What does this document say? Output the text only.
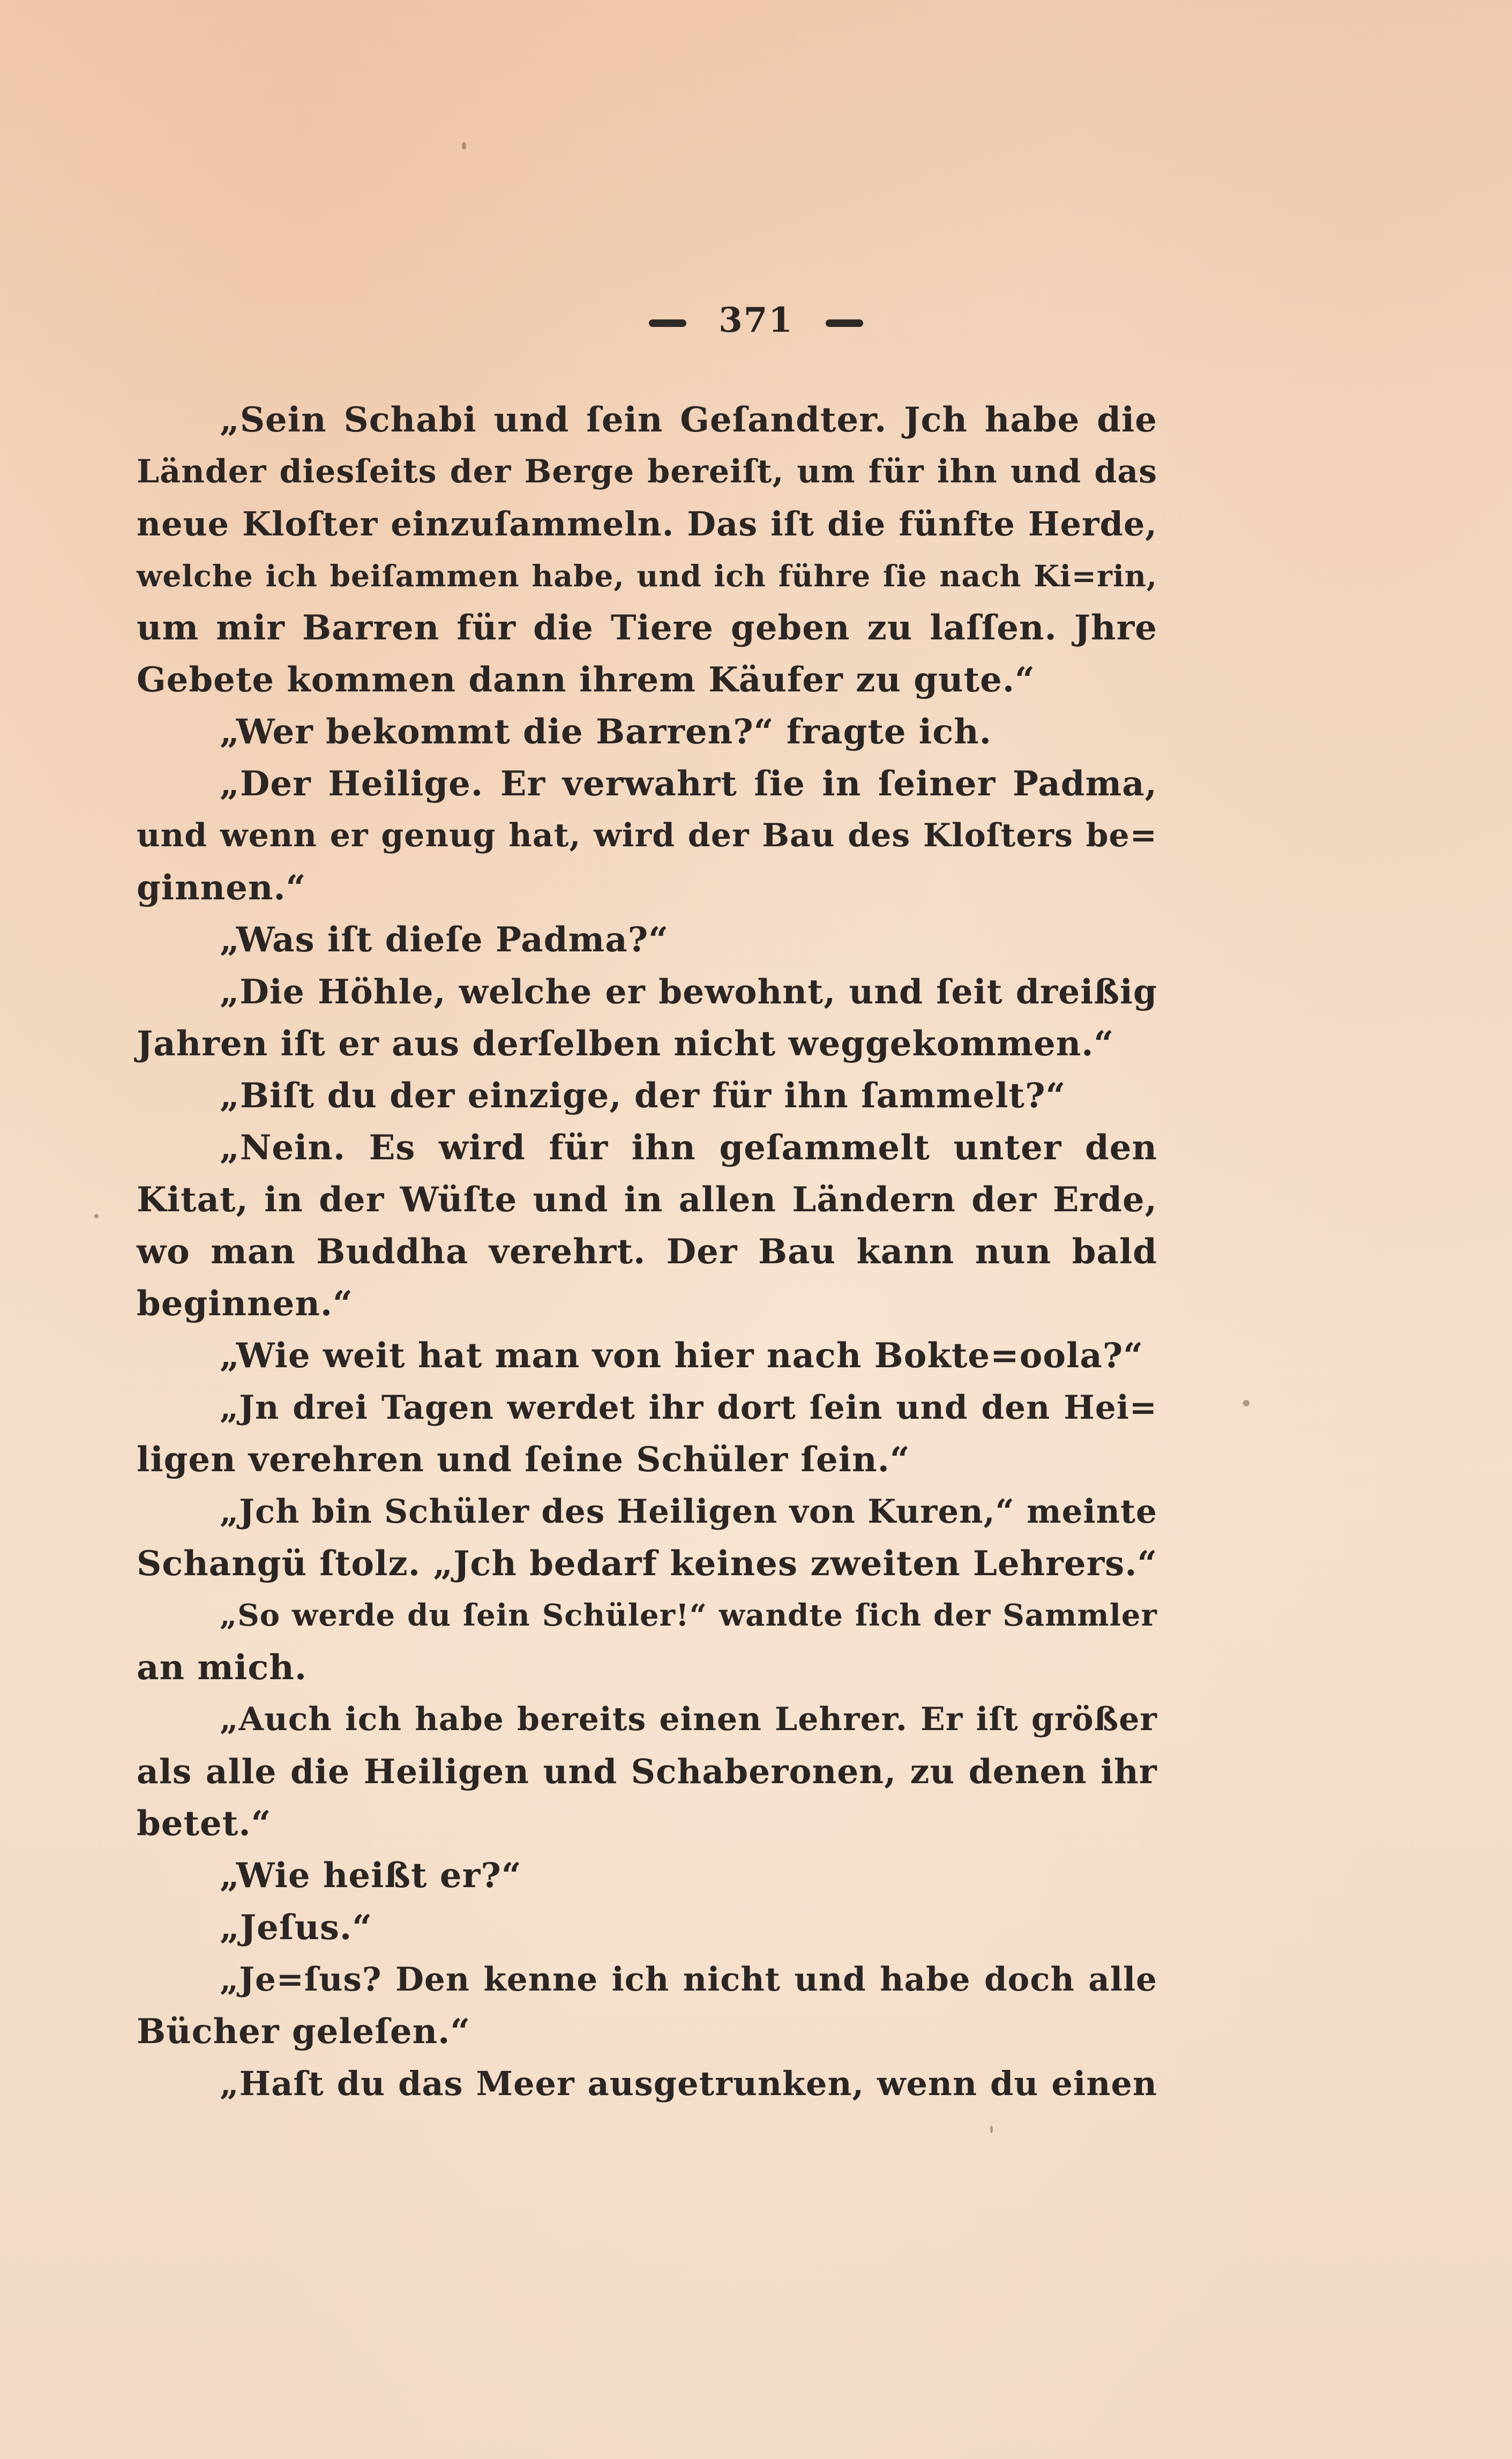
371
„Sein Schabi und ſein Geſandter. Jch habe die
Länder diesſeits der Berge bereiſt, um für ihn und das
neue Kloſter einzuſammeln. Das iſt die fünfte Herde,
welche ich beiſammen habe, und ich führe ſie nach Ki=rin,
um mir Barren für die Tiere geben zu laſſen. Jhre
Gebete kommen dann ihrem Käufer zu gute.“
„Wer bekommt die Barren?“ fragte ich.
„Der Heilige. Er verwahrt ſie in ſeiner Padma,
und wenn er genug hat, wird der Bau des Kloſters be=
ginnen.“
„Was iſt dieſe Padma?“
„Die Höhle, welche er bewohnt, und ſeit dreißig
Jahren iſt er aus derſelben nicht weggekommen.“
„Biſt du der einzige, der für ihn ſammelt?“
„Nein. Es wird für ihn geſammelt unter den
Kitat, in der Wüſte und in allen Ländern der Erde,
wo man Buddha verehrt. Der Bau kann nun bald
beginnen.“
„Wie weit hat man von hier nach Bokte=oola?“
„Jn drei Tagen werdet ihr dort ſein und den Hei=
ligen verehren und ſeine Schüler ſein.“
„Jch bin Schüler des Heiligen von Kuren,“ meinte
Schangü ſtolz. „Jch bedarf keines zweiten Lehrers.“
„So werde du ſein Schüler!“ wandte ſich der Sammler
an mich.
„Auch ich habe bereits einen Lehrer. Er iſt größer
als alle die Heiligen und Schaberonen, zu denen ihr
betet.“
„Wie heißt er?“
„Jeſus.“
„Je=ſus? Den kenne ich nicht und habe doch alle
Bücher geleſen.“
„Haſt du das Meer ausgetrunken, wenn du einen
